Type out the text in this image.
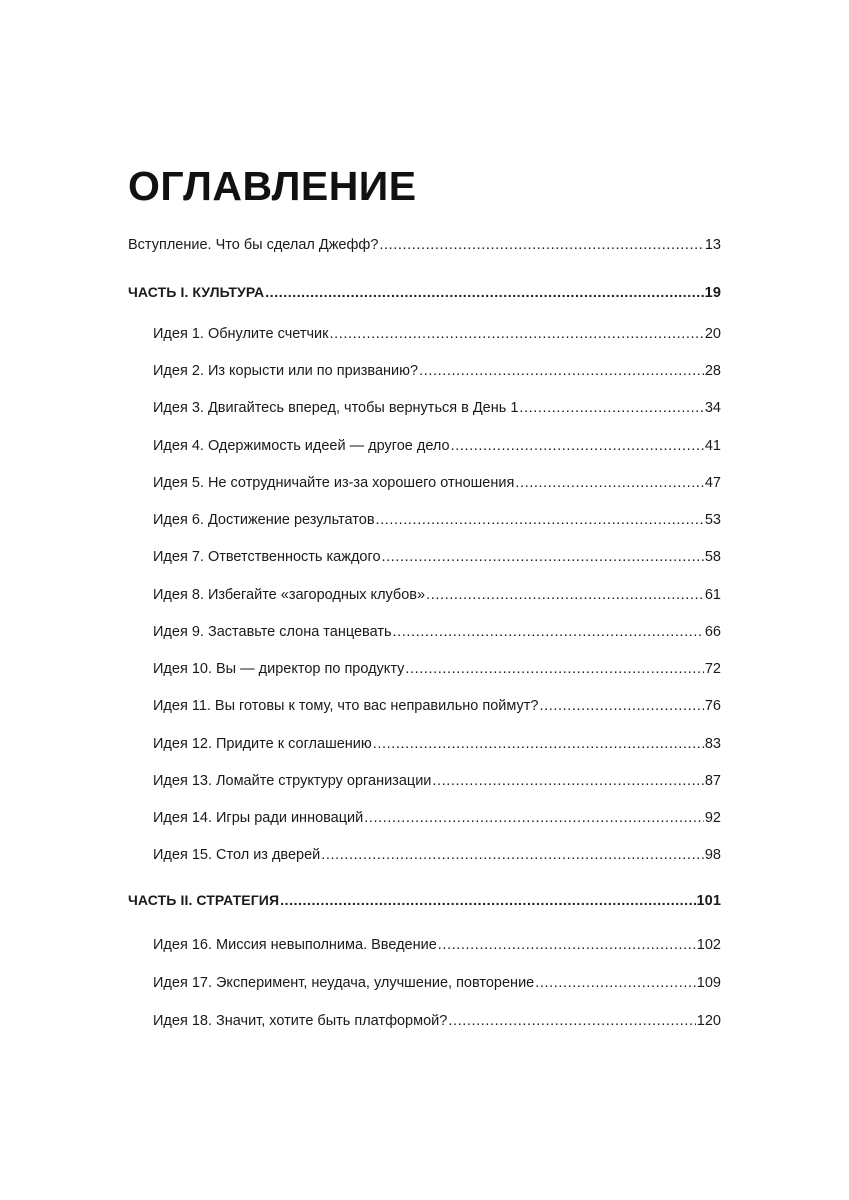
ОГЛАВЛЕНИЕ
Вступление. Что бы сделал Джефф? .....	13
ЧАСТЬ I. КУЛЬТУРА .....	19
Идея 1. Обнулите счетчик .....	20
Идея 2. Из корысти или по призванию? .....	28
Идея 3. Двигайтесь вперед, чтобы вернуться в День 1 .....	34
Идея 4. Одержимость идеей — другое дело .....	41
Идея 5. Не сотрудничайте из-за хорошего отношения .....	47
Идея 6. Достижение результатов .....	53
Идея 7. Ответственность каждого .....	58
Идея 8. Избегайте «загородных клубов» .....	61
Идея 9. Заставьте слона танцевать .....	66
Идея 10. Вы — директор по продукту .....	72
Идея 11. Вы готовы к тому, что вас неправильно поймут? .....	76
Идея 12. Придите к соглашению .....	83
Идея 13. Ломайте структуру организации .....	87
Идея 14. Игры ради инноваций .....	92
Идея 15. Стол из дверей .....	98
ЧАСТЬ II. СТРАТЕГИЯ .....	101
Идея 16. Миссия невыполнима. Введение .....	102
Идея 17. Эксперимент, неудача, улучшение, повторение .....	109
Идея 18. Значит, хотите быть платформой? .....	120
